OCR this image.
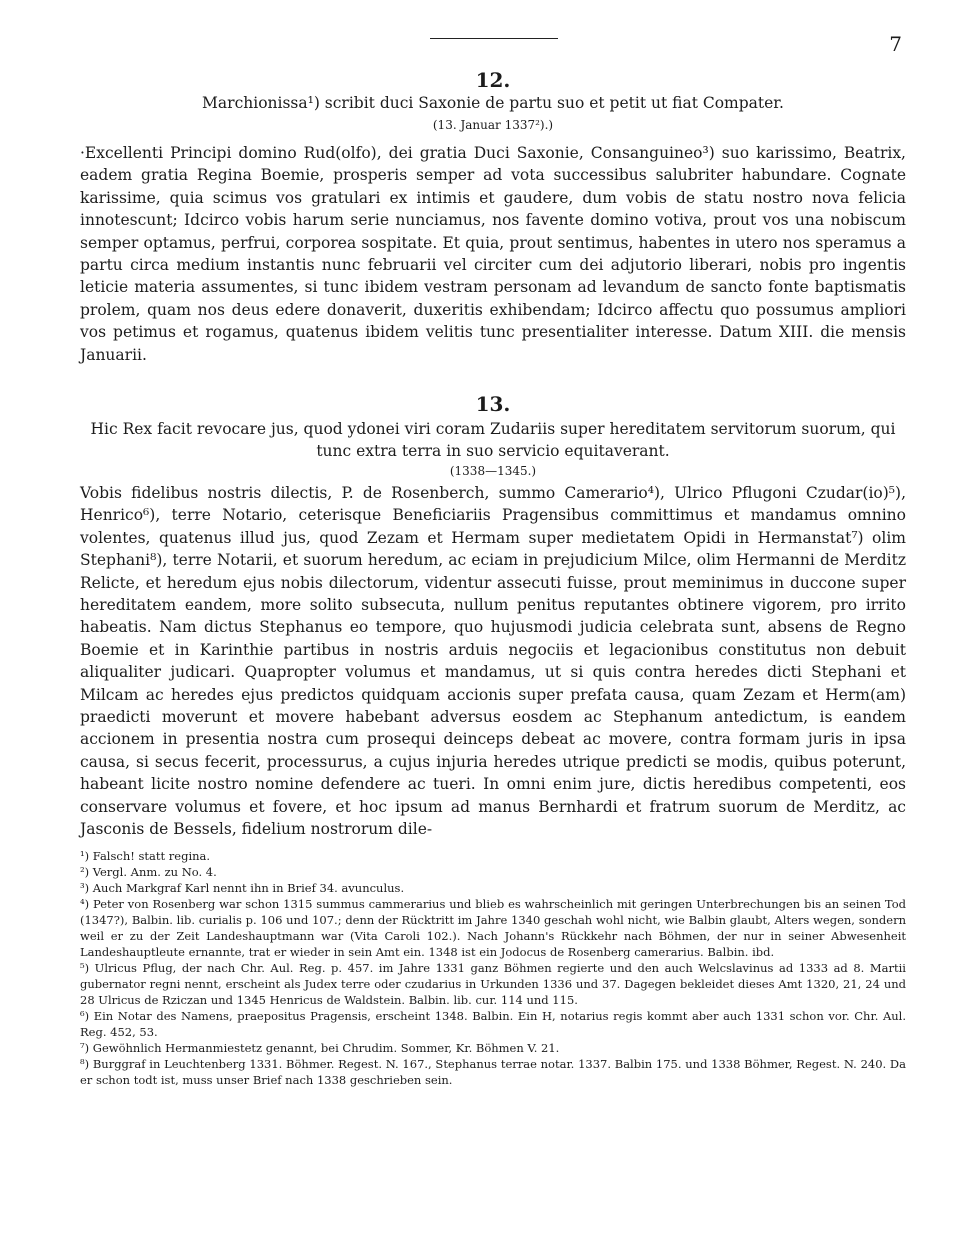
7
12.
Marchionissa¹) scribit duci Saxonie de partu suo et petit ut fiat Compater.
(13. Januar 1337²).)
·Excellenti Principi domino Rud(olfo), dei gratia Duci Saxonie, Consanguineo³) suo karissimo, Beatrix, eadem gratia Regina Boemie, prosperis semper ad vota successibus salubriter habundare. Cognate karissime, quia scimus vos gratulari ex intimis et gaudere, dum vobis de statu nostro nova felicia innotescunt; Idcirco vobis harum serie nunciamus, nos favente domino votiva, prout vos una nobiscum semper optamus, perfrui, corporea sospitate. Et quia, prout sentimus, habentes in utero nos speramus a partu circa medium instantis nunc februarii vel circiter cum dei adjutorio liberari, nobis pro ingentis leticie materia assumentes, si tunc ibidem vestram personam ad levandum de sancto fonte baptismatis prolem, quam nos deus edere donaverit, duxeritis exhibendam; Idcirco affectu quo possumus ampliori vos petimus et rogamus, quatenus ibidem velitis tunc presentialiter interesse. Datum XIII. die mensis Januarii.
13.
Hic Rex facit revocare jus, quod ydonei viri coram Zudariis super hereditatem servitorum suorum, qui
tunc extra terra in suo servicio equitaverant.
(1338—1345.)
Vobis fidelibus nostris dilectis, P. de Rosenberch, summo Camerario⁴), Ulrico Pflugoni Czudar(io)⁵), Henrico⁶), terre Notario, ceterisque Beneficiariis Pragensibus committimus et mandamus omnino volentes, quatenus illud jus, quod Zezam et Hermam super medietatem Opidi in Hermanstat⁷) olim Stephani⁸), terre Notarii, et suorum heredum, ac eciam in prejudicium Milce, olim Hermanni de Merditz Relicte, et heredum ejus nobis dilectorum, videntur assecuti fuisse, prout meminimus in duccone super hereditatem eandem, more solito subsecuta, nullum penitus reputantes obtinere vigorem, pro irrito habeatis. Nam dictus Stephanus eo tempore, quo hujusmodi judicia celebrata sunt, absens de Regno Boemie et in Karinthie partibus in nostris arduis negociis et legacionibus constitutus non debuit aliqualiter judicari. Quapropter volumus et mandamus, ut si quis contra heredes dicti Stephani et Milcam ac heredes ejus predictos quidquam accionis super prefata causa, quam Zezam et Herm(am) praedicti moverunt et movere habebant adversus eosdem ac Stephanum antedictum, is eandem accionem in presentia nostra cum prosequi deinceps debeat ac movere, contra formam juris in ipsa causa, si secus fecerit, processurus, a cujus injuria heredes utrique predicti se modis, quibus poterunt, habeant licite nostro nomine defendere ac tueri. In omni enim jure, dictis heredibus competenti, eos conservare volumus et fovere, et hoc ipsum ad manus Bernhardi et fratrum suorum de Merditz, ac Jasconis de Bessels, fidelium nostrorum dile-
¹) Falsch! statt regina.
²) Vergl. Anm. zu No. 4.
³) Auch Markgraf Karl nennt ihn in Brief 34. avunculus.
⁴) Peter von Rosenberg war schon 1315 summus cammerarius und blieb es wahrscheinlich mit geringen Unterbrechungen bis an seinen Tod (1347?), Balbin. lib. curialis p. 106 und 107.; denn der Rücktritt im Jahre 1340 geschah wohl nicht, wie Balbin glaubt, Alters wegen, sondern weil er zu der Zeit Landeshauptmann war (Vita Caroli 102.). Nach Johann's Rückkehr nach Böhmen, der nur in seiner Abwesenheit Landeshauptleute ernannte, trat er wieder in sein Amt ein. 1348 ist ein Jodocus de Rosenberg camerarius. Balbin. ibd.
⁵) Ulricus Pflug, der nach Chr. Aul. Reg. p. 457. im Jahre 1331 ganz Böhmen regierte und den auch Welcslavinus ad 1333 ad 8. Martii gubernator regni nennt, erscheint als Judex terre oder czudarius in Urkunden 1336 und 37. Dagegen bekleidet dieses Amt 1320, 21, 24 und 28 Ulricus de Rziczan und 1345 Henricus de Waldstein. Balbin. lib. cur. 114 und 115.
⁶) Ein Notar des Namens, praepositus Pragensis, erscheint 1348. Balbin. Ein H, notarius regis kommt aber auch 1331 schon vor. Chr. Aul. Reg. 452, 53.
⁷) Gewöhnlich Hermanmiestetz genannt, bei Chrudim. Sommer, Kr. Böhmen V. 21.
⁸) Burggraf in Leuchtenberg 1331. Böhmer. Regest. N. 167., Stephanus terrae notar. 1337. Balbin 175. und 1338 Böhmer, Regest. N. 240. Da er schon todt ist, muss unser Brief nach 1338 geschrieben sein.
